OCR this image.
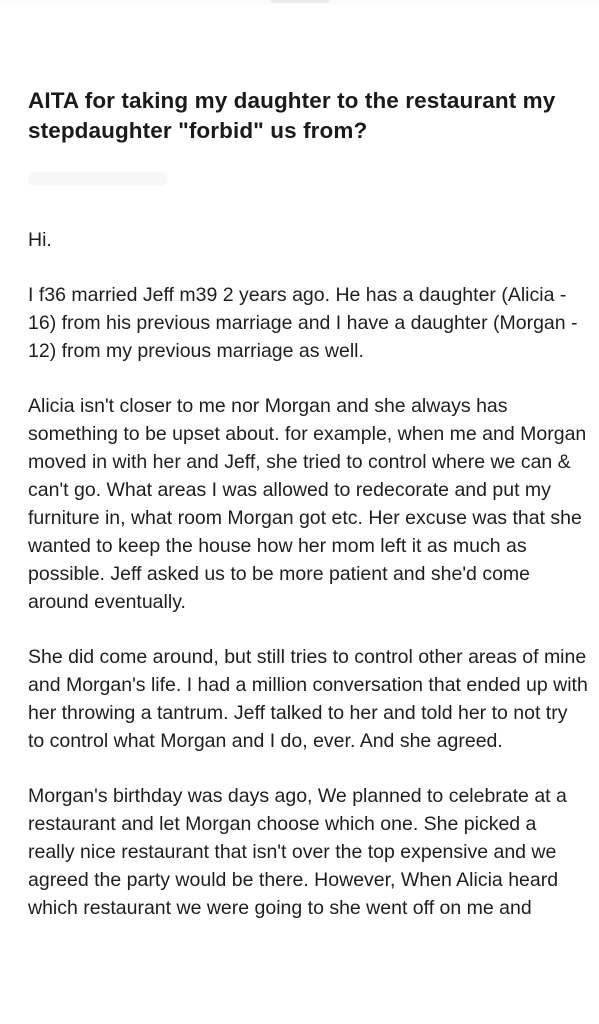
AITA for taking my daughter to the restaurant my stepdaughter "forbid" us from?

Hi.

I f36 married Jeff m39 2 years ago. He has a daughter (Alicia - 16) from his previous marriage and I have a daughter (Morgan - 12) from my previous marriage as well.

Alicia isn't closer to me nor Morgan and she always has something to be upset about. for example, when me and Morgan moved in with her and Jeff, she tried to control where we can & can't go. What areas I was allowed to redecorate and put my furniture in, what room Morgan got etc. Her excuse was that she wanted to keep the house how her mom left it as much as possible. Jeff asked us to be more patient and she'd come around eventually.

She did come around, but still tries to control other areas of mine and Morgan's life. I had a million conversation that ended up with her throwing a tantrum. Jeff talked to her and told her to not try to control what Morgan and I do, ever. And she agreed.

Morgan's birthday was days ago, We planned to celebrate at a restaurant and let Morgan choose which one. She picked a really nice restaurant that isn't over the top expensive and we agreed the party would be there. However, When Alicia heard which restaurant we were going to she went off on me and
